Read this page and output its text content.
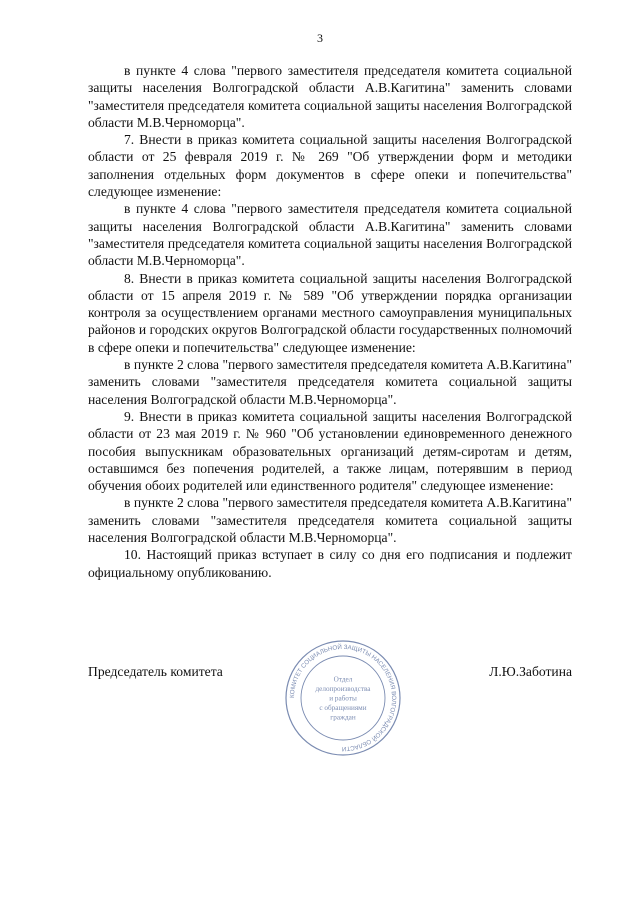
3

в пункте 4 слова "первого заместителя председателя комитета социальной защиты населения Волгоградской области А.В.Кагитина" заменить словами "заместителя председателя комитета социальной защиты населения Волгоградской области М.В.Черноморца".

7. Внести в приказ комитета социальной защиты населения Волгоградской области от 25 февраля 2019 г. № 269 "Об утверждении форм и методики заполнения отдельных форм документов в сфере опеки и попечительства" следующее изменение:

в пункте 4 слова "первого заместителя председателя комитета социальной защиты населения Волгоградской области А.В.Кагитина" заменить словами "заместителя председателя комитета социальной защиты населения Волгоградской области М.В.Черноморца".

8. Внести в приказ комитета социальной защиты населения Волгоградской области от 15 апреля 2019 г. № 589 "Об утверждении порядка организации контроля за осуществлением органами местного самоуправления муниципальных районов и городских округов Волгоградской области государственных полномочий в сфере опеки и попечительства" следующее изменение:

в пункте 2 слова "первого заместителя председателя комитета А.В.Кагитина" заменить словами "заместителя председателя комитета социальной защиты населения Волгоградской области М.В.Черноморца".

9. Внести в приказ комитета социальной защиты населения Волгоградской области от 23 мая 2019 г. № 960 "Об установлении единовременного денежного пособия выпускникам образовательных организаций детям-сиротам и детям, оставшимся без попечения родителей, а также лицам, потерявшим в период обучения обоих родителей или единственного родителя" следующее изменение:

в пункте 2 слова "первого заместителя председателя комитета А.В.Кагитина" заменить словами "заместителя председателя комитета социальной защиты населения Волгоградской области М.В.Черноморца".

10. Настоящий приказ вступает в силу со дня его подписания и подлежит официальному опубликованию.

Председатель комитета	Л.Ю.Заботина
КОМИТЕТ СОЦИАЛЬНОЙ ЗАЩИТЫ НАСЕЛЕНИЯ ВОЛГОГРАДСКОЙ ОБЛАСТИ
Отдел
делопроизводства
и работы
с обращениями
граждан
